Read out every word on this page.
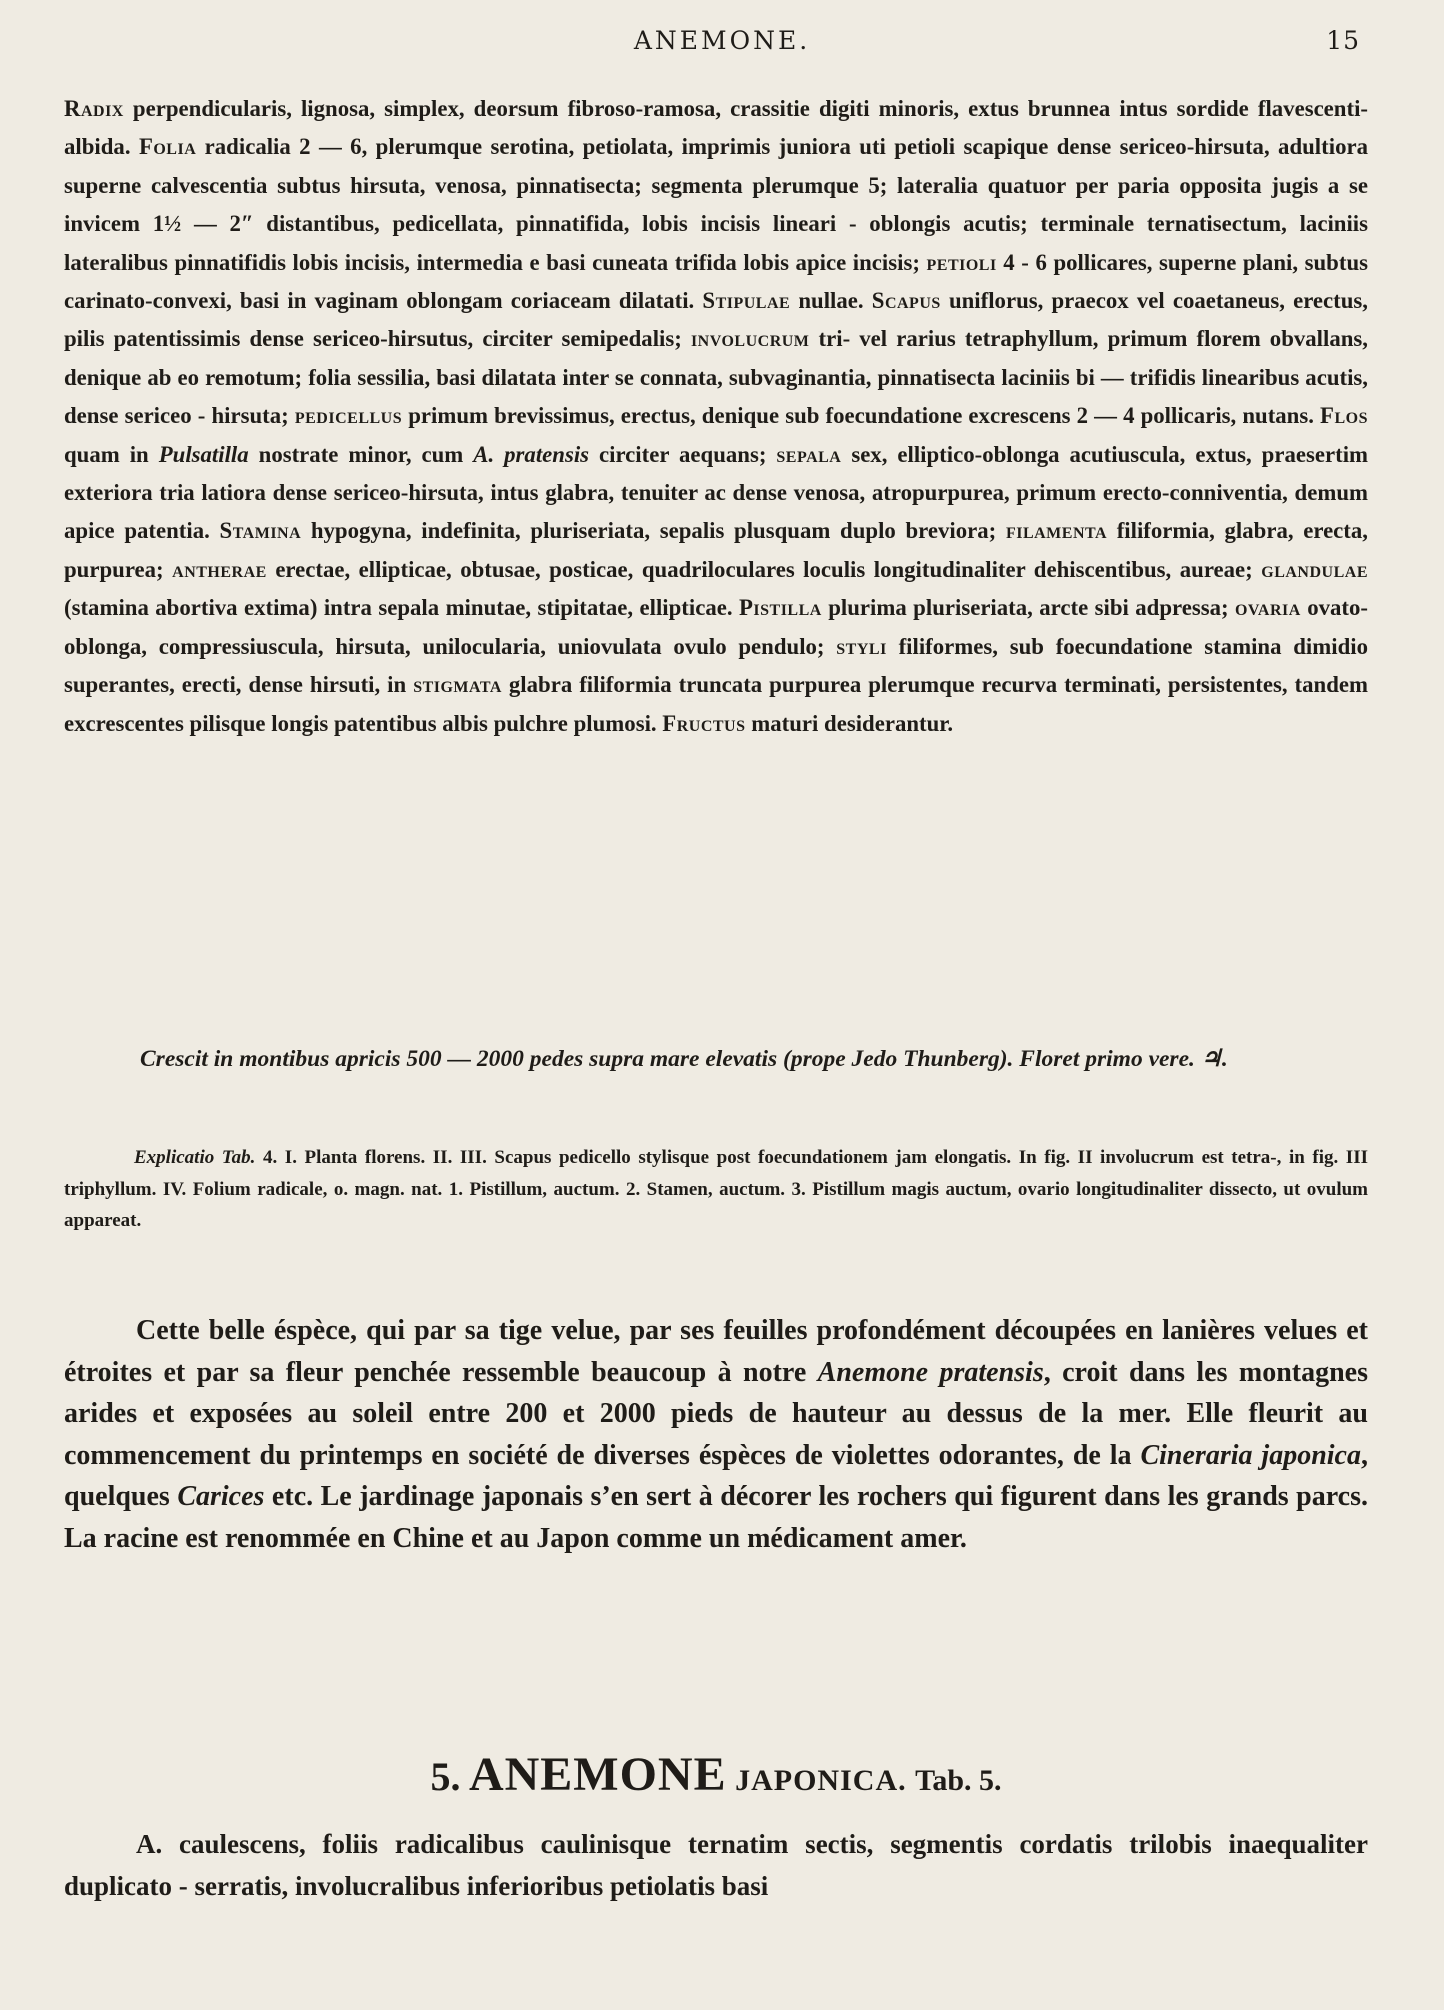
ANEMONE.	15

Radix perpendicularis, lignosa, simplex, deorsum fibroso-ramosa, crassitie digiti minoris, extus brunnea intus sordide flavescenti-albida. Folia radicalia 2 — 6, plerumque serotina, petiolata, imprimis juniora uti petioli scapique dense sericeo-hirsuta, adultiora superne calvescentia subtus hirsuta, venosa, pinnatisecta; segmenta plerumque 5; lateralia quatuor per paria opposita jugis a se invicem 1½ — 2″ distantibus, pedicellata, pinnatifida, lobis incisis lineari - oblongis acutis; terminale ternatisectum, laciniis lateralibus pinnatifidis lobis incisis, intermedia e basi cuneata trifida lobis apice incisis; petioli 4 - 6 pollicares, superne plani, subtus carinato-convexi, basi in vaginam oblongam coriaceam dilatati. Stipulae nullae. Scapus uniflorus, praecox vel coaetaneus, erectus, pilis patentissimis dense sericeo-hirsutus, circiter semipedalis; involucrum tri- vel rarius tetraphyllum, primum florem obvallans, denique ab eo remotum; folia sessilia, basi dilatata inter se connata, subvaginantia, pinnatisecta laciniis bi — trifidis linearibus acutis, dense sericeo - hirsuta; pedicellus primum brevissimus, erectus, denique sub foecundatione excrescens 2 — 4 pollicaris, nutans. Flos quam in Pulsatilla nostrate minor, cum A. pratensis circiter aequans; sepala sex, elliptico-oblonga acutiuscula, extus, praesertim exteriora tria latiora dense sericeo-hirsuta, intus glabra, tenuiter ac dense venosa, atropurpurea, primum erecto-conniventia, demum apice patentia. Stamina hypogyna, indefinita, pluriseriata, sepalis plusquam duplo breviora; filamenta filiformia, glabra, erecta, purpurea; antherae erectae, ellipticae, obtusae, posticae, quadriloculares loculis longitudinaliter dehiscentibus, aureae; glandulae (stamina abortiva extima) intra sepala minutae, stipitatae, ellipticae. Pistilla plurima pluriseriata, arcte sibi adpressa; ovaria ovato-oblonga, compressiuscula, hirsuta, unilocularia, uniovulata ovulo pendulo; styli filiformes, sub foecundatione stamina dimidio superantes, erecti, dense hirsuti, in stigmata glabra filiformia truncata purpurea plerumque recurva terminati, persistentes, tandem excrescentes pilisque longis patentibus albis pulchre plumosi. Fructus maturi desiderantur.

Crescit in montibus apricis 500 — 2000 pedes supra mare elevatis (prope Jedo Thunberg). Floret primo vere. ♃.

Explicatio Tab. 4. I. Planta florens. II. III. Scapus pedicello stylisque post foecundationem jam elongatis. In fig. II involucrum est tetra-, in fig. III triphyllum. IV. Folium radicale, o. magn. nat. 1. Pistillum, auctum. 2. Stamen, auctum. 3. Pistillum magis auctum, ovario longitudinaliter dissecto, ut ovulum appareat.

Cette belle éspèce, qui par sa tige velue, par ses feuilles profondément découpées en lanières velues et étroites et par sa fleur penchée ressemble beaucoup à notre Anemone pratensis, croit dans les montagnes arides et exposées au soleil entre 200 et 2000 pieds de hauteur au dessus de la mer. Elle fleurit au commencement du printemps en société de diverses éspèces de violettes odorantes, de la Cineraria japonica, quelques Carices etc. Le jardinage japonais s’en sert à décorer les rochers qui figurent dans les grands parcs. La racine est renommée en Chine et au Japon comme un médicament amer.

5. ANEMONE JAPONICA. Tab. 5.

A. caulescens, foliis radicalibus caulinisque ternatim sectis, segmentis cordatis trilobis inaequaliter duplicato - serratis, involucralibus inferioribus petiolatis basi
